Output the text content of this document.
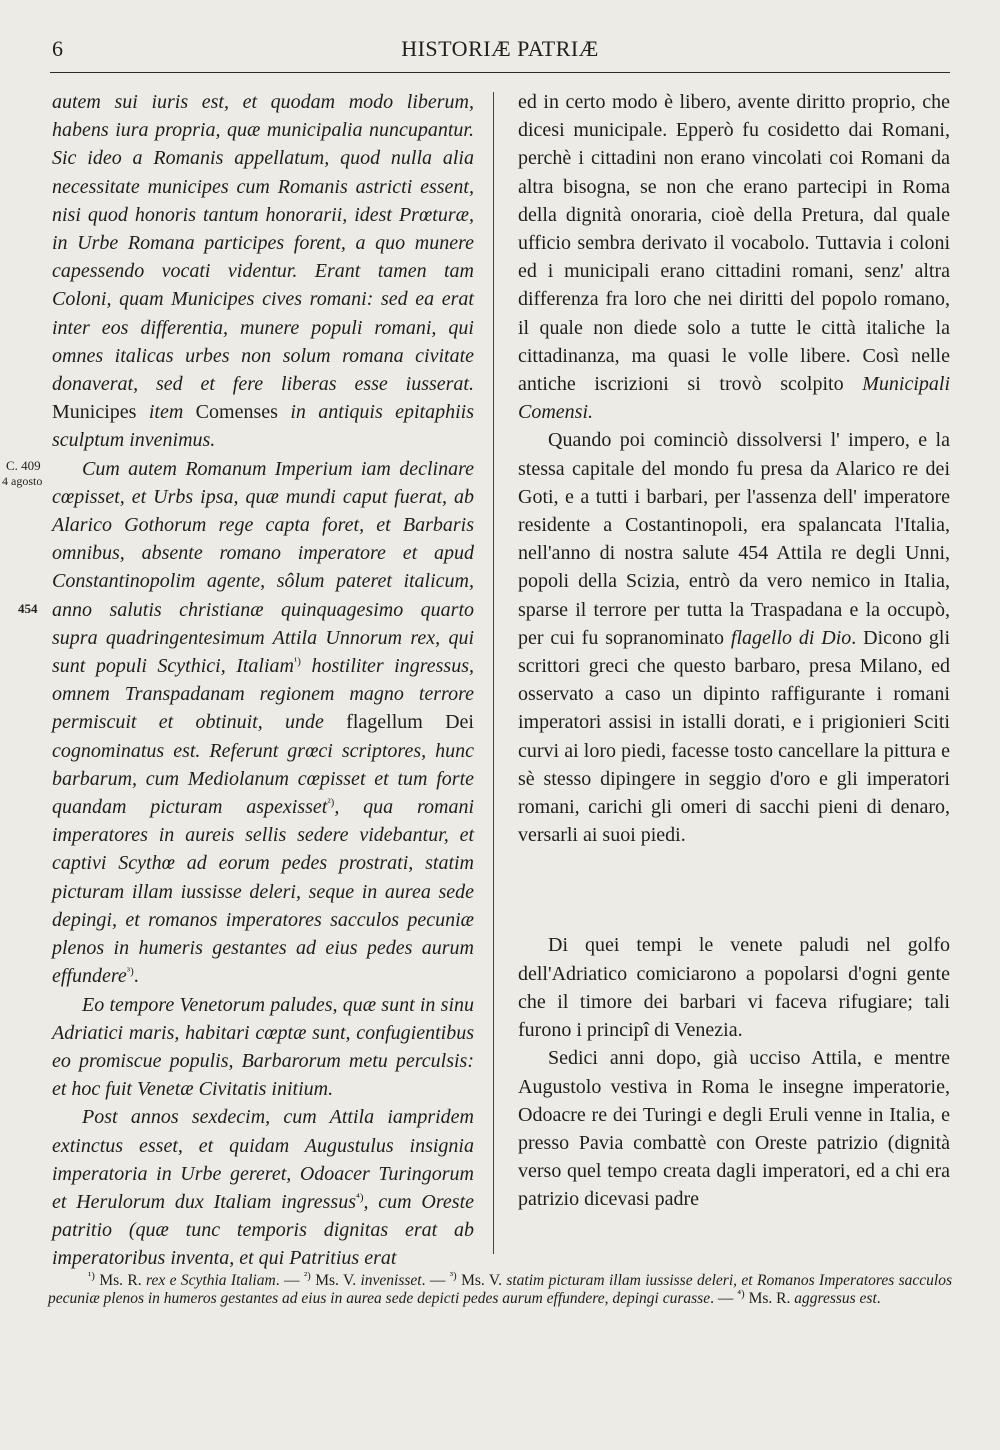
6	HISTORIÆ PATRIÆ
C. 409
4 agosto
454

autem sui iuris est, et quodam modo liberum, habens iura propria, quæ municipalia nuncupantur. Sic ideo a Romanis appellatum, quod nulla alia necessitate municipes cum Romanis astricti essent, nisi quod honoris tantum honorarii, idest Prœturæ, in Urbe Romana participes forent, a quo munere capessendo vocati videntur. Erant tamen tam Coloni, quam Municipes cives romani: sed ea erat inter eos differentia, munere populi romani, qui omnes italicas urbes non solum romana civitate donaverat, sed et fere liberas esse iusserat. Municipes item Comenses in antiquis epitaphiis sculptum invenimus.

Cum autem Romanum Imperium iam declinare cœpisset, et Urbs ipsa, quæ mundi caput fuerat, ab Alarico Gothorum rege capta foret, et Barbaris omnibus, absente romano imperatore et apud Constantinopolim agente, sôlum pateret italicum, anno salutis christianæ quinquagesimo quarto supra quadringentesimum Attila Unnorum rex, qui sunt populi Scythici, Italiam$^{^1)}$ hostiliter ingressus, omnem Transpadanam regionem magno terrore permiscuit et obtinuit, unde flagellum Dei cognominatus est. Referunt grœci scriptores, hunc barbarum, cum Mediolanum cœpisset et tum forte quandam picturam aspexisset$^{^2)}$, qua romani imperatores in aureis sellis sedere videbantur, et captivi Scythœ ad eorum pedes prostrati, statim picturam illam iussisse deleri, seque in aurea sede depingi, et romanos imperatores sacculos pecuniæ plenos in humeris gestantes ad eius pedes aurum effundere$^{^3)}$.

Eo tempore Venetorum paludes, quæ sunt in sinu Adriatici maris, habitari cœptæ sunt, confugientibus eo promiscue populis, Barbarorum metu perculsis: et hoc fuit Venetæ Civitatis initium.

Post annos sexdecim, cum Attila iampridem extinctus esset, et quidam Augustulus insignia imperatoria in Urbe gereret, Odoacer Turingorum et Herulorum dux Italiam ingressus$^{^4)}$, cum Oreste patritio (quæ tunc temporis dignitas erat ab imperatoribus inventa, et qui Patritius erat

ed in certo modo è libero, avente diritto proprio, che dicesi municipale. Epperò fu cosidetto dai Romani, perchè i cittadini non erano vincolati coi Romani da altra bisogna, se non che erano partecipi in Roma della dignità onoraria, cioè della Pretura, dal quale ufficio sembra derivato il vocabolo. Tuttavia i coloni ed i municipali erano cittadini romani, senz' altra differenza fra loro che nei diritti del popolo romano, il quale non diede solo a tutte le città italiche la cittadinanza, ma quasi le volle libere. Così nelle antiche iscrizioni si trovò scolpito Municipali Comensi.

Quando poi cominciò dissolversi l' impero, e la stessa capitale del mondo fu presa da Alarico re dei Goti, e a tutti i barbari, per l'assenza dell' imperatore residente a Costantinopoli, era spalancata l'Italia, nell'anno di nostra salute 454 Attila re degli Unni, popoli della Scizia, entrò da vero nemico in Italia, sparse il terrore per tutta la Traspadana e la occupò, per cui fu sopranominato flagello di Dio. Dicono gli scrittori greci che questo barbaro, presa Milano, ed osservato a caso un dipinto raffigurante i romani imperatori assisi in istalli dorati, e i prigionieri Sciti curvi ai loro piedi, facesse tosto cancellare la pittura e sè stesso dipingere in seggio d'oro e gli imperatori romani, carichi gli omeri di sacchi pieni di denaro, versarli ai suoi piedi.

Di quei tempi le venete paludi nel golfo dell'Adriatico comiciarono a popolarsi d'ogni gente che il timore dei barbari vi faceva rifugiare; tali furono i principî di Venezia.

Sedici anni dopo, già ucciso Attila, e mentre Augustolo vestiva in Roma le insegne imperatorie, Odoacre re dei Turingi e degli Eruli venne in Italia, e presso Pavia combattè con Oreste patrizio (dignità verso quel tempo creata dagli imperatori, ed a chi era patrizio dicevasi padre

$^{^1)}$ Ms. R. rex e Scythia Italiam. — $^{^2)}$ Ms. V. invenisset. — $^{^3)}$ Ms. V. statim picturam illam iussisse deleri, et Romanos Imperatores sacculos pecuniæ plenos in humeros gestantes ad eius in aurea sede depicti pedes aurum effundere, depingi curasse. — $^{^4)}$ Ms. R. aggressus est.
